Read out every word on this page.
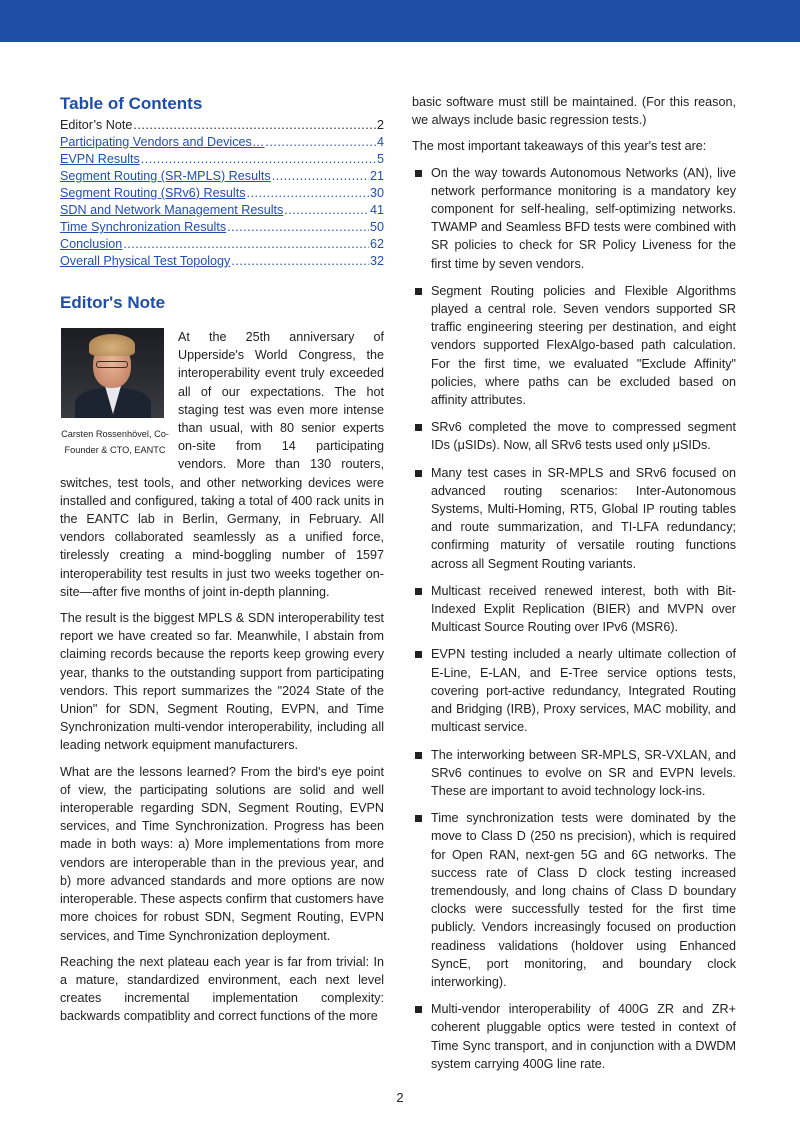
Table of Contents
Editor’s Note .....	2
Participating Vendors and Devices… .....	4
EVPN Results .....	5
Segment Routing (SR-MPLS) Results .....	21
Segment Routing (SRv6) Results .....	30
SDN and Network Management Results .....	41
Time Synchronization Results .....	50
Conclusion .....	62
Overall Physical Test Topology .....	32
Editor's Note
Carsten Rossenhövel, Co-Founder & CTO, EANTC

At the 25th anniversary of Upperside's World Congress, the interoperability event truly exceeded all of our expectations. The hot staging test was even more intense than usual, with 80 senior experts on-site from 14 participating vendors. More than 130 routers, switches, test tools, and other networking devices were installed and configured, taking a total of 400 rack units in the EANTC lab in Berlin, Germany, in February. All vendors collaborated seamlessly as a unified force, tirelessly creating a mind-boggling number of 1597 interoperability test results in just two weeks together on-site—after five months of joint in-depth planning.

The result is the biggest MPLS & SDN interoperability test report we have created so far. Meanwhile, I abstain from claiming records because the reports keep growing every year, thanks to the outstanding support from participating vendors. This report summarizes the "2024 State of the Union" for SDN, Segment Routing, EVPN, and Time Synchronization multi-vendor interoperability, including all leading network equipment manufacturers.

What are the lessons learned? From the bird's eye point of view, the participating solutions are solid and well interoperable regarding SDN, Segment Routing, EVPN services, and Time Synchronization. Progress has been made in both ways: a) More implementations from more vendors are interoperable than in the previous year, and b) more advanced standards and more options are now interoperable. These aspects confirm that customers have more choices for robust SDN, Segment Routing, EVPN services, and Time Synchronization deployment.

Reaching the next plateau each year is far from trivial: In a mature, standardized environment, each next level creates incremental implementation complexity: backwards compatiblity and correct functions of the more

basic software must still be maintained. (For this reason, we always include basic regression tests.)

The most important takeaways of this year's test are:

On the way towards Autonomous Networks (AN), live network performance monitoring is a mandatory key component for self-healing, self-optimizing networks. TWAMP and Seamless BFD tests were combined with SR policies to check for SR Policy Liveness for the first time by seven vendors.
Segment Routing policies and Flexible Algorithms played a central role. Seven vendors supported SR traffic engineering steering per destination, and eight vendors supported FlexAlgo-based path calculation. For the first time, we evaluated "Exclude Affinity" policies, where paths can be excluded based on affinity attributes.
SRv6 completed the move to compressed segment IDs (μSIDs). Now, all SRv6 tests used only μSIDs.
Many test cases in SR-MPLS and SRv6 focused on advanced routing scenarios: Inter-Autonomous Systems, Multi-Homing, RT5, Global IP routing tables and route summarization, and TI-LFA redundancy; confirming maturity of versatile routing functions across all Segment Routing variants.
Multicast received renewed interest, both with Bit-Indexed Explit Replication (BIER) and MVPN over Multicast Source Routing over IPv6 (MSR6).
EVPN testing included a nearly ultimate collection of E-Line, E-LAN, and E-Tree service options tests, covering port-active redundancy, Integrated Routing and Bridging (IRB), Proxy services, MAC mobility, and multicast service.
The interworking between SR-MPLS, SR-VXLAN, and SRv6 continues to evolve on SR and EVPN levels. These are important to avoid technology lock-ins.
Time synchronization tests were dominated by the move to Class D (250 ns precision), which is required for Open RAN, next-gen 5G and 6G networks. The success rate of Class D clock testing increased tremendously, and long chains of Class D boundary clocks were successfully tested for the first time publicly. Vendors increasingly focused on production readiness validations (holdover using Enhanced SyncE, port monitoring, and boundary clock interworking).
Multi-vendor interoperability of 400G ZR and ZR+ coherent pluggable optics were tested in context of Time Sync transport, and in conjunction with a DWDM system carrying 400G line rate.
2
